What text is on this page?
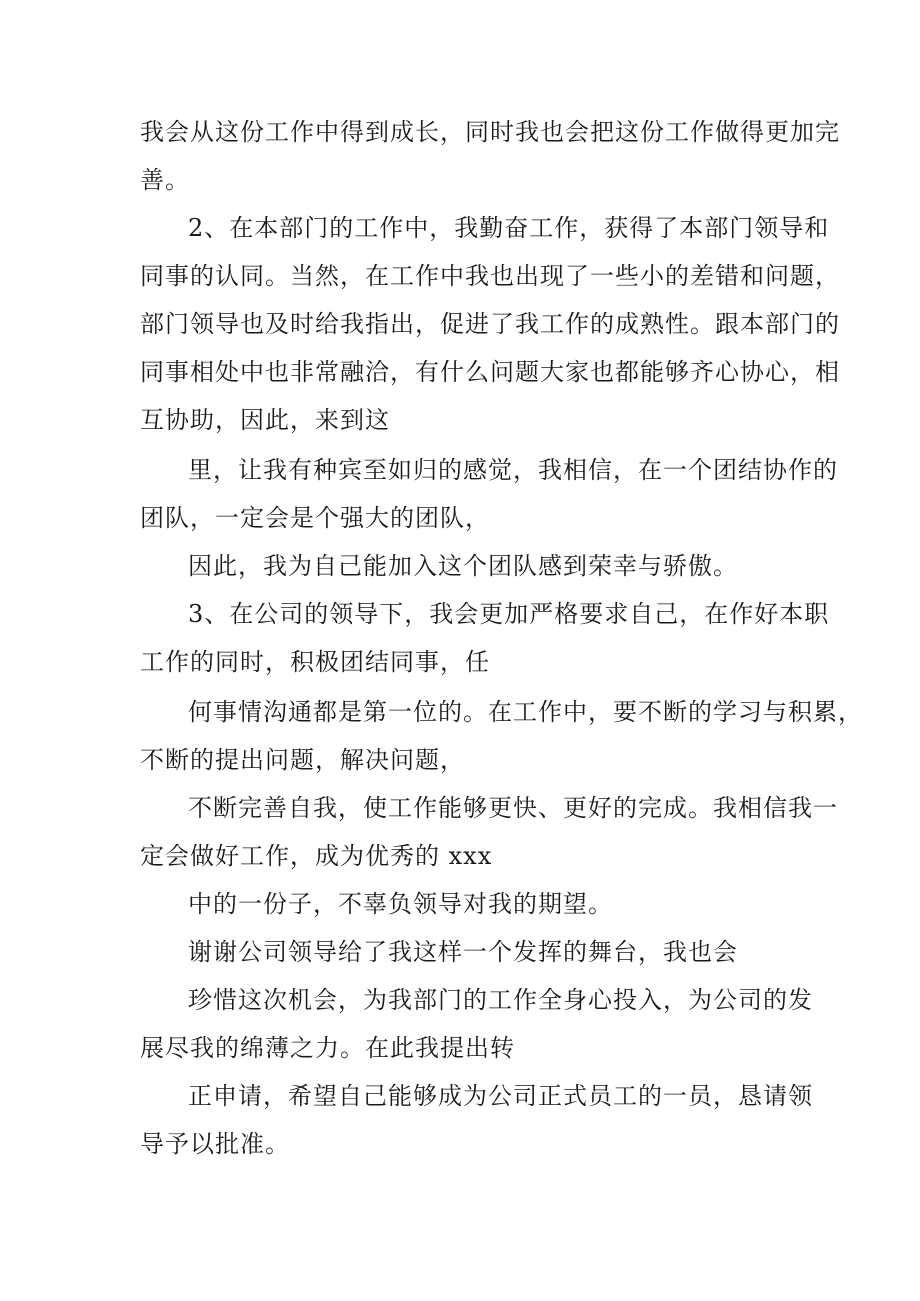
我会从这份工作中得到成长，同时我也会把这份工作做得更加完
善。
2、在本部门的工作中，我勤奋工作，获得了本部门领导和
同事的认同。当然，在工作中我也出现了一些小的差错和问题，
部门领导也及时给我指出，促进了我工作的成熟性。跟本部门的
同事相处中也非常融洽，有什么问题大家也都能够齐心协心，相
互协助，因此，来到这
里，让我有种宾至如归的感觉，我相信，在一个团结协作的
团队，一定会是个强大的团队，
因此，我为自己能加入这个团队感到荣幸与骄傲。
3、在公司的领导下，我会更加严格要求自己，在作好本职
工作的同时，积极团结同事，任
何事情沟通都是第一位的。在工作中，要不断的学习与积累，
不断的提出问题，解决问题，
不断完善自我，使工作能够更快、更好的完成。我相信我一
定会做好工作，成为优秀的 xxx
中的一份子，不辜负领导对我的期望。
谢谢公司领导给了我这样一个发挥的舞台，我也会
珍惜这次机会，为我部门的工作全身心投入，为公司的发
展尽我的绵薄之力。在此我提出转
正申请，希望自己能够成为公司正式员工的一员，恳请领
导予以批准。
